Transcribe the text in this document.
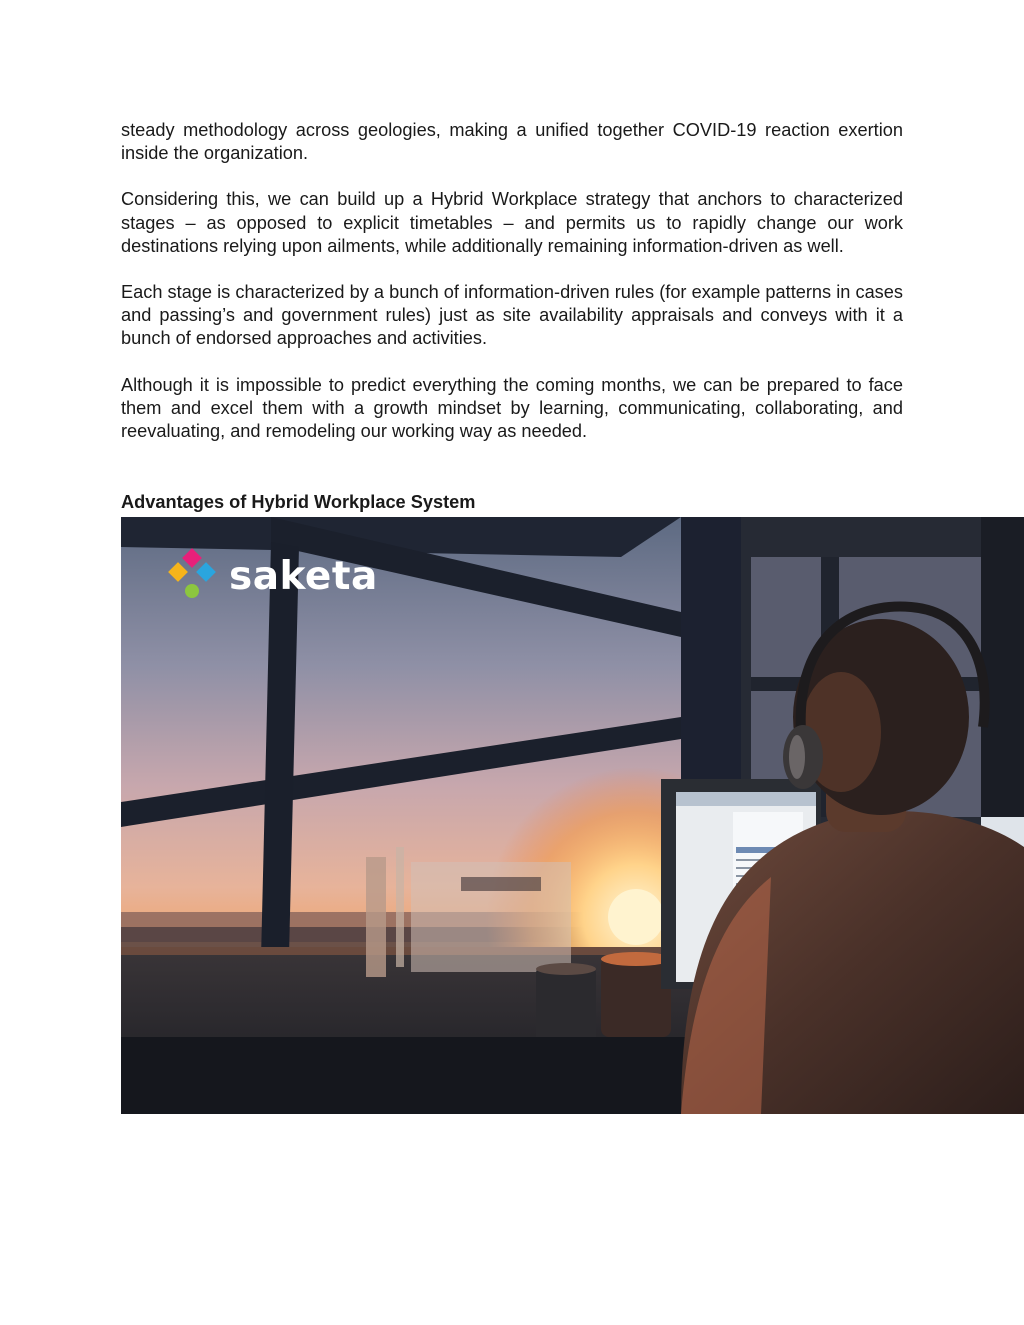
steady methodology across geologies, making a unified together COVID-19 reaction exertion inside the organization.

Considering this, we can build up a Hybrid Workplace strategy that anchors to characterized stages – as opposed to explicit timetables – and permits us to rapidly change our work destinations relying upon ailments, while additionally remaining information-driven as well.

Each stage is characterized by a bunch of information-driven rules (for example patterns in cases and passing’s and government rules) just as site availability appraisals and conveys with it a bunch of endorsed approaches and activities.

Although it is impossible to predict everything the coming months, we can be prepared to face them and excel them with a growth mindset by learning, communicating, collaborating, and reevaluating, and remodeling our working way as needed.

Advantages of Hybrid Workplace System
saketa
